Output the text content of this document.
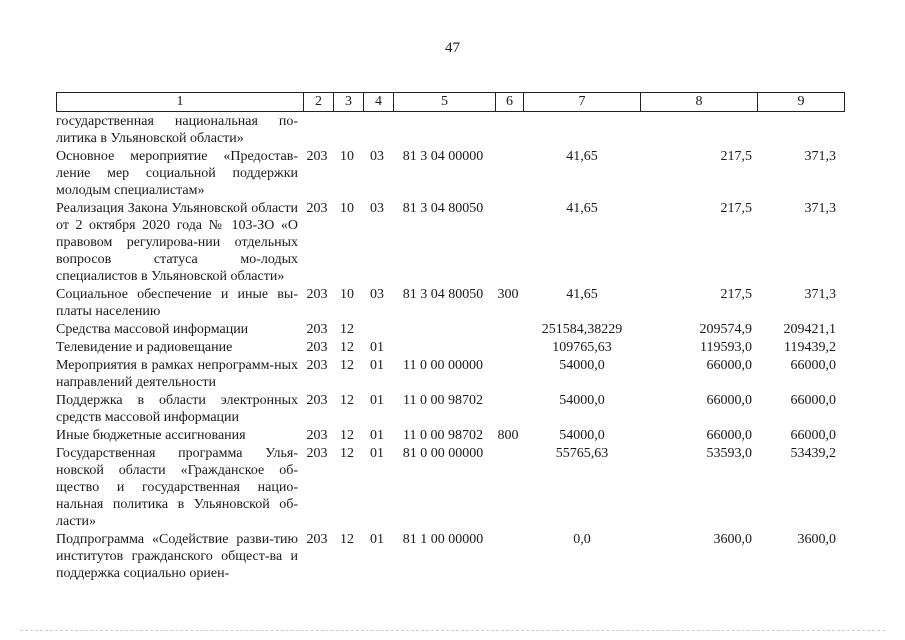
47
1	2	3	4	5	6	7	8	9
государственная национальная по-литика в Ульяновской области»								
Основное мероприятие «Предостав-ление мер социальной поддержки молодым специалистам»	203	10	03	81 3 04 00000		41,65	217,5	371,3
Реализация Закона Ульяновской области от 2 октября 2020 года № 103-ЗО «О правовом регулирова-нии отдельных вопросов статуса мо-лодых специалистов в Ульяновской области»	203	10	03	81 3 04 80050		41,65	217,5	371,3
Социальное обеспечение и иные вы-платы населению	203	10	03	81 3 04 80050	300	41,65	217,5	371,3
Средства массовой информации	203	12				251584,38229	209574,9	209421,1
Телевидение и радиовещание	203	12	01			109765,63	119593,0	119439,2
Мероприятия в рамках непрограмм-ных направлений деятельности	203	12	01	11 0 00 00000		54000,0	66000,0	66000,0
Поддержка в области электронных средств массовой информации	203	12	01	11 0 00 98702		54000,0	66000,0	66000,0
Иные бюджетные ассигнования	203	12	01	11 0 00 98702	800	54000,0	66000,0	66000,0
Государственная программа Улья-новской области «Гражданское об-щество и государственная нацио-нальная политика в Ульяновской об-ласти»	203	12	01	81 0 00 00000		55765,63	53593,0	53439,2
Подпрограмма «Содействие разви-тию институтов гражданского общест-ва и поддержка социально ориен-	203	12	01	81 1 00 00000		0,0	3600,0	3600,0
